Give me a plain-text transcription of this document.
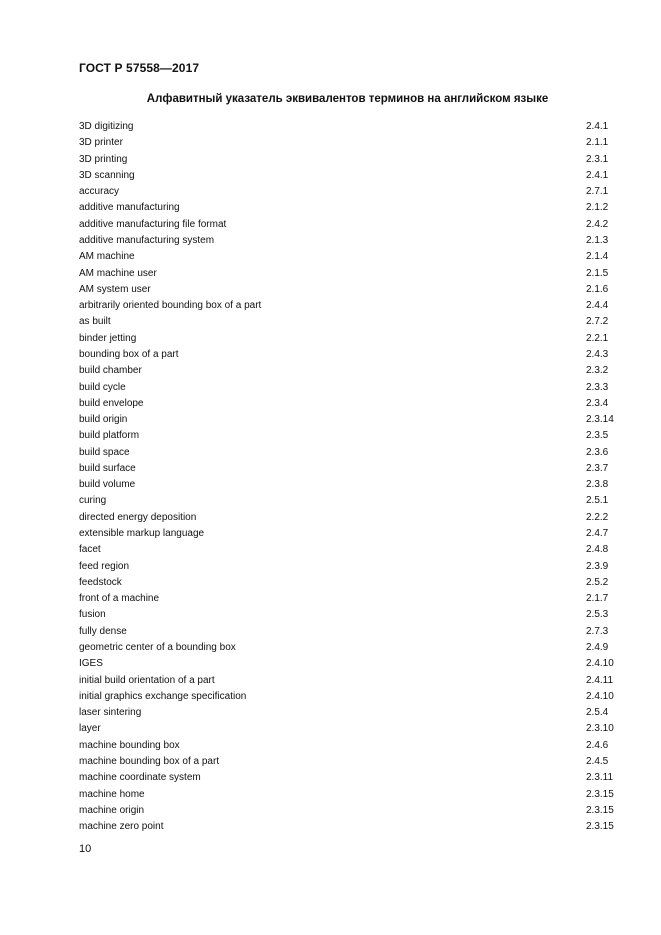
ГОСТ Р 57558—2017
Алфавитный указатель эквивалентов терминов на английском языке
3D digitizing	2.4.1
3D printer	2.1.1
3D printing	2.3.1
3D scanning	2.4.1
accuracy	2.7.1
additive manufacturing	2.1.2
additive manufacturing file format	2.4.2
additive manufacturing system	2.1.3
AM machine	2.1.4
AM machine user	2.1.5
AM system user	2.1.6
arbitrarily oriented bounding box of a part	2.4.4
as built	2.7.2
binder jetting	2.2.1
bounding box of a part	2.4.3
build chamber	2.3.2
build cycle	2.3.3
build envelope	2.3.4
build origin	2.3.14
build platform	2.3.5
build space	2.3.6
build surface	2.3.7
build volume	2.3.8
curing	2.5.1
directed energy deposition	2.2.2
extensible markup language	2.4.7
facet	2.4.8
feed region	2.3.9
feedstock	2.5.2
front of a machine	2.1.7
fusion	2.5.3
fully dense	2.7.3
geometric center of a bounding box	2.4.9
IGES	2.4.10
initial build orientation of a part	2.4.11
initial graphics exchange specification	2.4.10
laser sintering	2.5.4
layer	2.3.10
machine bounding box	2.4.6
machine bounding box of a part	2.4.5
machine coordinate system	2.3.11
machine home	2.3.15
machine origin	2.3.15
machine zero point	2.3.15
10
